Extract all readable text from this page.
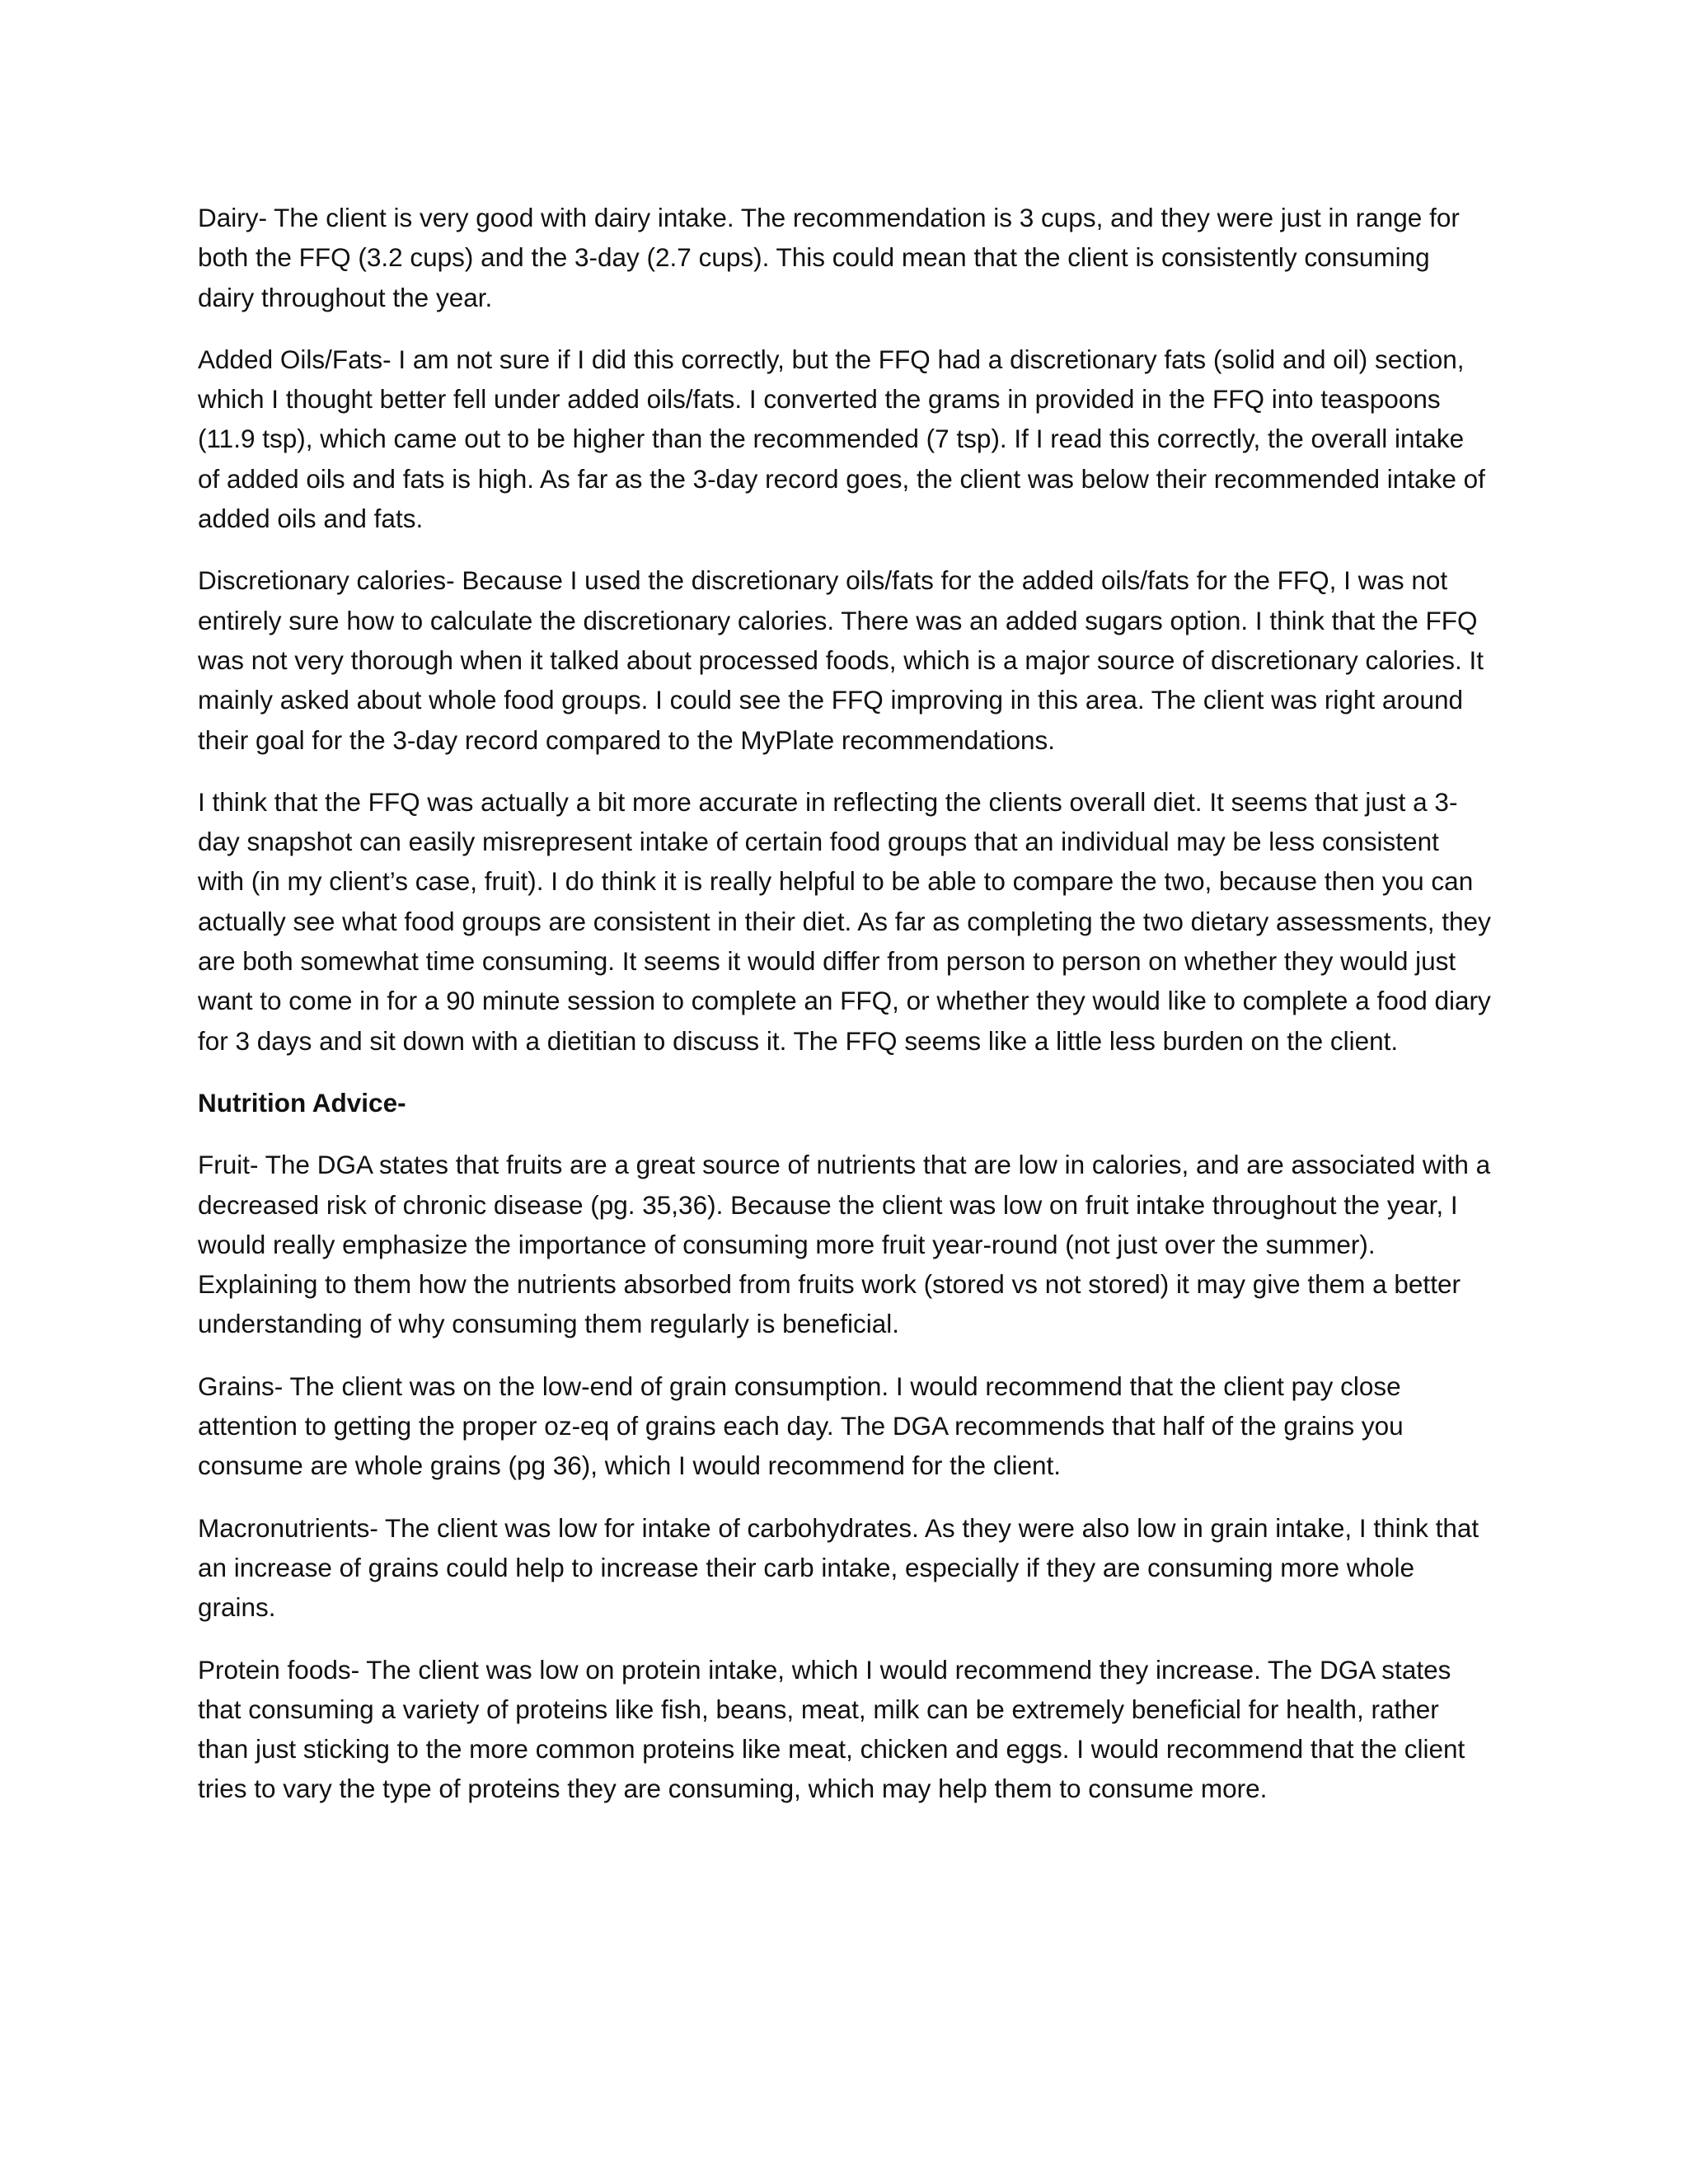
Dairy- The client is very good with dairy intake. The recommendation is 3 cups, and they were just in range for both the FFQ (3.2 cups) and the 3-day (2.7 cups). This could mean that the client is consistently consuming dairy throughout the year.

Added Oils/Fats- I am not sure if I did this correctly, but the FFQ had a discretionary fats (solid and oil) section, which I thought better fell under added oils/fats. I converted the grams in provided in the FFQ into teaspoons (11.9 tsp), which came out to be higher than the recommended (7 tsp). If I read this correctly, the overall intake of added oils and fats is high. As far as the 3-day record goes, the client was below their recommended intake of added oils and fats.

Discretionary calories- Because I used the discretionary oils/fats for the added oils/fats for the FFQ, I was not entirely sure how to calculate the discretionary calories. There was an added sugars option. I think that the FFQ was not very thorough when it talked about processed foods, which is a major source of discretionary calories. It mainly asked about whole food groups. I could see the FFQ improving in this area. The client was right around their goal for the 3-day record compared to the MyPlate recommendations.

I think that the FFQ was actually a bit more accurate in reflecting the clients overall diet. It seems that just a 3-day snapshot can easily misrepresent intake of certain food groups that an individual may be less consistent with (in my client’s case, fruit). I do think it is really helpful to be able to compare the two, because then you can actually see what food groups are consistent in their diet. As far as completing the two dietary assessments, they are both somewhat time consuming. It seems it would differ from person to person on whether they would just want to come in for a 90 minute session to complete an FFQ, or whether they would like to complete a food diary for 3 days and sit down with a dietitian to discuss it. The FFQ seems like a little less burden on the client.

Nutrition Advice-

Fruit- The DGA states that fruits are a great source of nutrients that are low in calories, and are associated with a decreased risk of chronic disease (pg. 35,36). Because the client was low on fruit intake throughout the year, I would really emphasize the importance of consuming more fruit year-round (not just over the summer). Explaining to them how the nutrients absorbed from fruits work (stored vs not stored) it may give them a better understanding of why consuming them regularly is beneficial.

Grains- The client was on the low-end of grain consumption. I would recommend that the client pay close attention to getting the proper oz-eq of grains each day. The DGA recommends that half of the grains you consume are whole grains (pg 36), which I would recommend for the client.

Macronutrients- The client was low for intake of carbohydrates. As they were also low in grain intake, I think that an increase of grains could help to increase their carb intake, especially if they are consuming more whole grains.

Protein foods- The client was low on protein intake, which I would recommend they increase. The DGA states that consuming a variety of proteins like fish, beans, meat, milk can be extremely beneficial for health, rather than just sticking to the more common proteins like meat, chicken and eggs. I would recommend that the client tries to vary the type of proteins they are consuming, which may help them to consume more.
